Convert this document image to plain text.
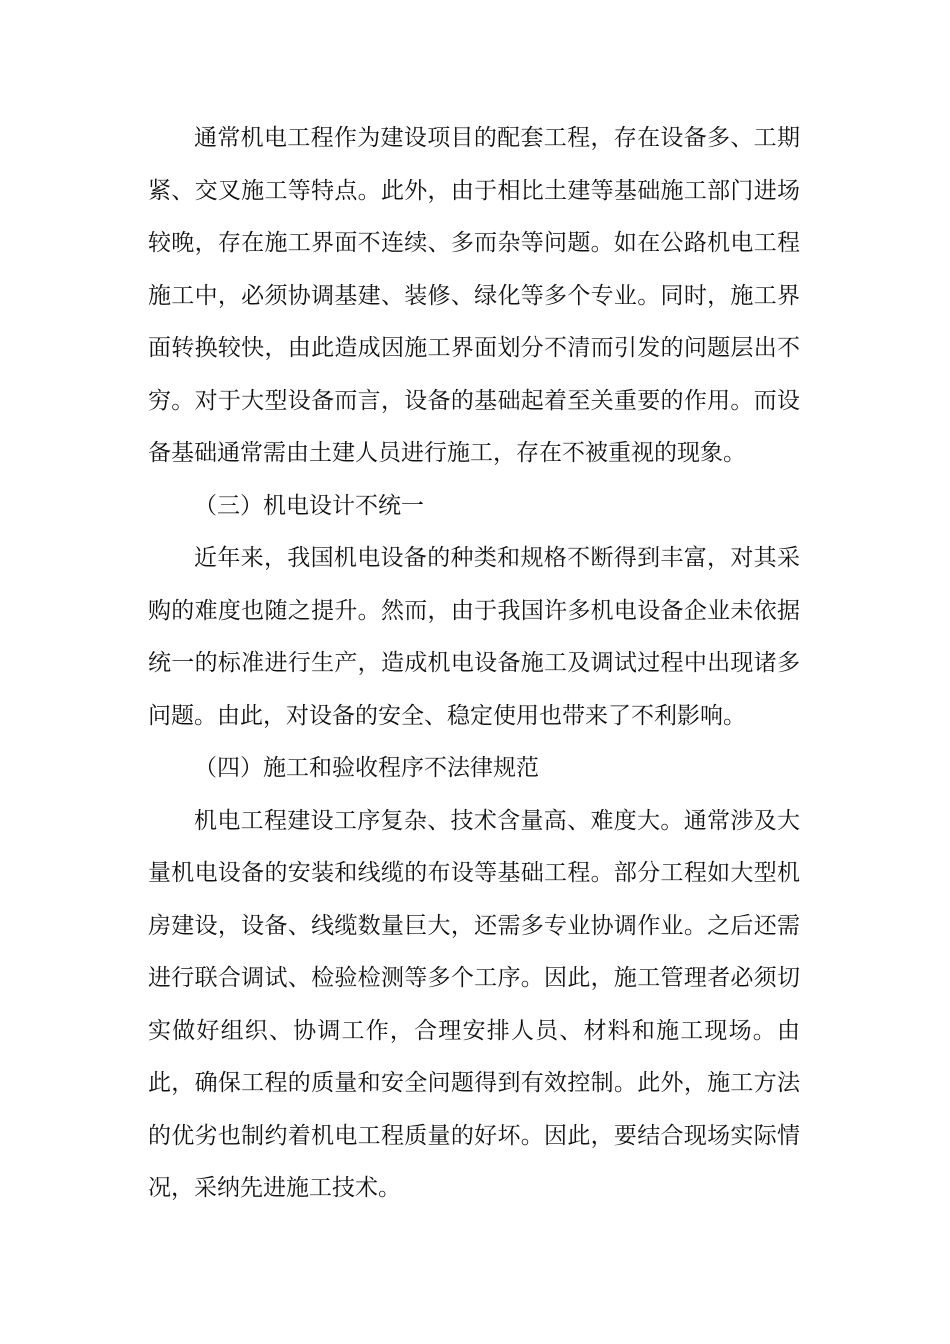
通常机电工程作为建设项目的配套工程，存在设备多、工期紧、交叉施工等特点。此外，由于相比土建等基础施工部门进场较晚，存在施工界面不连续、多而杂等问题。如在公路机电工程施工中，必须协调基建、装修、绿化等多个专业。同时，施工界面转换较快，由此造成因施工界面划分不清而引发的问题层出不穷。对于大型设备而言，设备的基础起着至关重要的作用。而设备基础通常需由土建人员进行施工，存在不被重视的现象。

（三）机电设计不统一

近年来，我国机电设备的种类和规格不断得到丰富，对其采购的难度也随之提升。然而，由于我国许多机电设备企业未依据统一的标准进行生产，造成机电设备施工及调试过程中出现诸多问题。由此，对设备的安全、稳定使用也带来了不利影响。

（四）施工和验收程序不法律规范

机电工程建设工序复杂、技术含量高、难度大。通常涉及大量机电设备的安装和线缆的布设等基础工程。部分工程如大型机房建设，设备、线缆数量巨大，还需多专业协调作业。之后还需进行联合调试、检验检测等多个工序。因此，施工管理者必须切实做好组织、协调工作，合理安排人员、材料和施工现场。由此，确保工程的质量和安全问题得到有效控制。此外，施工方法的优劣也制约着机电工程质量的好坏。因此，要结合现场实际情况，采纳先进施工技术。
